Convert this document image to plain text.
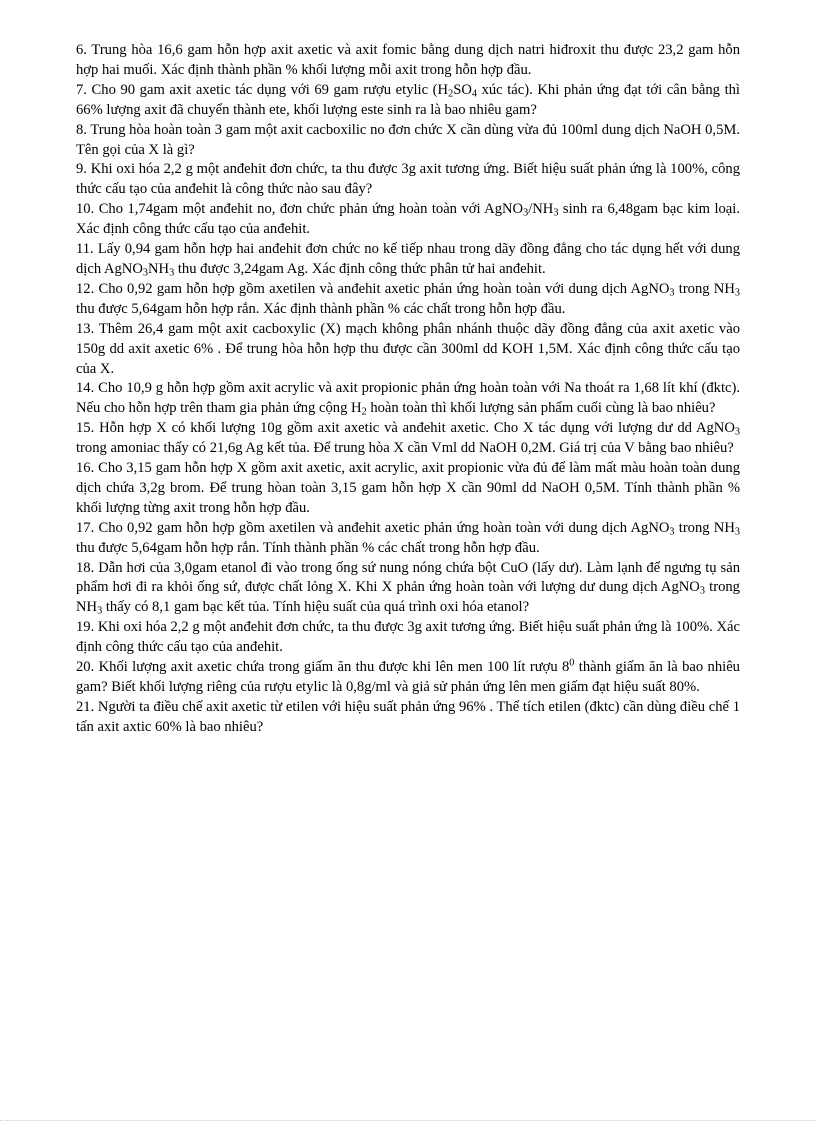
6. Trung hòa 16,6 gam hỗn hợp axit axetic và axit fomic bằng dung dịch natri hiđroxit thu được 23,2 gam hỗn hợp hai muối. Xác định thành phần % khối lượng mỗi axit trong hỗn hợp đầu.

7. Cho 90 gam axit axetic tác dụng với 69 gam rượu etylic ($H_2SO_4$ xúc tác). Khi phản ứng đạt tới cân bằng thì 66% lượng axit đã chuyển thành ete, khối lượng este sinh ra là bao nhiêu gam?

8. Trung hòa hoàn toàn 3 gam một axit cacboxilic no đơn chức X cần dùng vừa đủ 100ml dung dịch NaOH 0,5M. Tên gọi của X là gì?

9. Khi oxi hóa 2,2 g một anđehit đơn chức, ta thu được 3g axit tương ứng. Biết hiệu suất phản ứng là 100%, công thức cấu tạo của anđehit là công thức nào sau đây?

10. Cho 1,74gam một anđehit no, đơn chức phản ứng hoàn toàn với $AgNO_3/NH_3$ sinh ra 6,48gam bạc kim loại. Xác định công thức cấu tạo của anđehit.

11. Lấy 0,94 gam hỗn hợp hai anđehit đơn chức no kế tiếp nhau trong dãy đồng đẳng cho tác dụng hết với dung dịch $AgNO_3NH_3$ thu được 3,24gam Ag. Xác định công thức phân tử hai anđehit.

12. Cho 0,92 gam hỗn hợp gồm axetilen và anđehit axetic phản ứng hoàn toàn với dung dịch AgNO$_3$ trong $NH_3$ thu được 5,64gam hỗn hợp rắn. Xác định thành phần % các chất trong hỗn hợp đầu.

13. Thêm 26,4 gam một axit cacboxylic (X) mạch không phân nhánh thuộc dãy đồng đẳng của axit axetic vào 150g dd axit axetic 6% . Để trung hòa hỗn hợp thu được cần 300ml dd KOH 1,5M. Xác định công thức cấu tạo của X.

14. Cho 10,9 g hỗn hợp gồm axit acrylic và axit propionic phản ứng hoàn toàn với Na thoát ra 1,68 lít khí (đktc). Nếu cho hỗn hợp trên tham gia phản ứng cộng $H_2$ hoàn toàn thì khối lượng sản phẩm cuối cùng là bao nhiêu?

15. Hỗn hợp X có khối lượng 10g gồm axit axetic và anđehit axetic. Cho X tác dụng với lượng dư dd AgNO$_3$ trong amoniac thấy có 21,6g Ag kết tủa. Để trung hòa X cần Vml dd NaOH 0,2M. Giá trị của V bằng bao nhiêu?

16. Cho 3,15 gam hỗn hợp X gồm axit axetic, axit acrylic, axit propionic vừa đủ để làm mất màu hoàn toàn dung dịch chứa 3,2g brom. Để trung hòan toàn 3,15 gam hỗn hợp X cần 90ml dd NaOH 0,5M. Tính thành phần % khối lượng từng axit trong hỗn hợp đầu.

17. Cho 0,92 gam hỗn hợp gồm axetilen và anđehit axetic phản ứng hoàn toàn với dung dịch AgNO$_3$ trong $NH_3$ thu được 5,64gam hỗn hợp rắn. Tính thành phần % các chất trong hỗn hợp đầu.

18. Dẫn hơi của 3,0gam etanol đi vào trong ống sứ nung nóng chứa bột CuO (lấy dư). Làm lạnh để ngưng tụ sản phẩm hơi đi ra khỏi ống sứ, được chất lỏng X. Khi X phản ứng hoàn toàn với lượng dư dung dịch AgNO$_3$ trong $NH_3$ thấy có 8,1 gam bạc kết tủa. Tính hiệu suất của quá trình oxi hóa etanol?

19. Khi oxi hóa 2,2 g một anđehit đơn chức, ta thu được 3g axit tương ứng. Biết hiệu suất phản ứng là 100%. Xác định công thức cấu tạo của anđehit.

20. Khối lượng axit axetic chứa trong giấm ăn thu được khi lên men 100 lít rượu $8^0$ thành giấm ăn là bao nhiêu gam? Biết khối lượng riêng của rượu etylic là 0,8g/ml và giả sử phản ứng lên men giấm đạt hiệu suất 80%.

21. Người ta điều chế axit axetic từ etilen với hiệu suất phản ứng 96% . Thể tích etilen (đktc) cần dùng điều chế 1 tấn axit axtic 60% là bao nhiêu?
